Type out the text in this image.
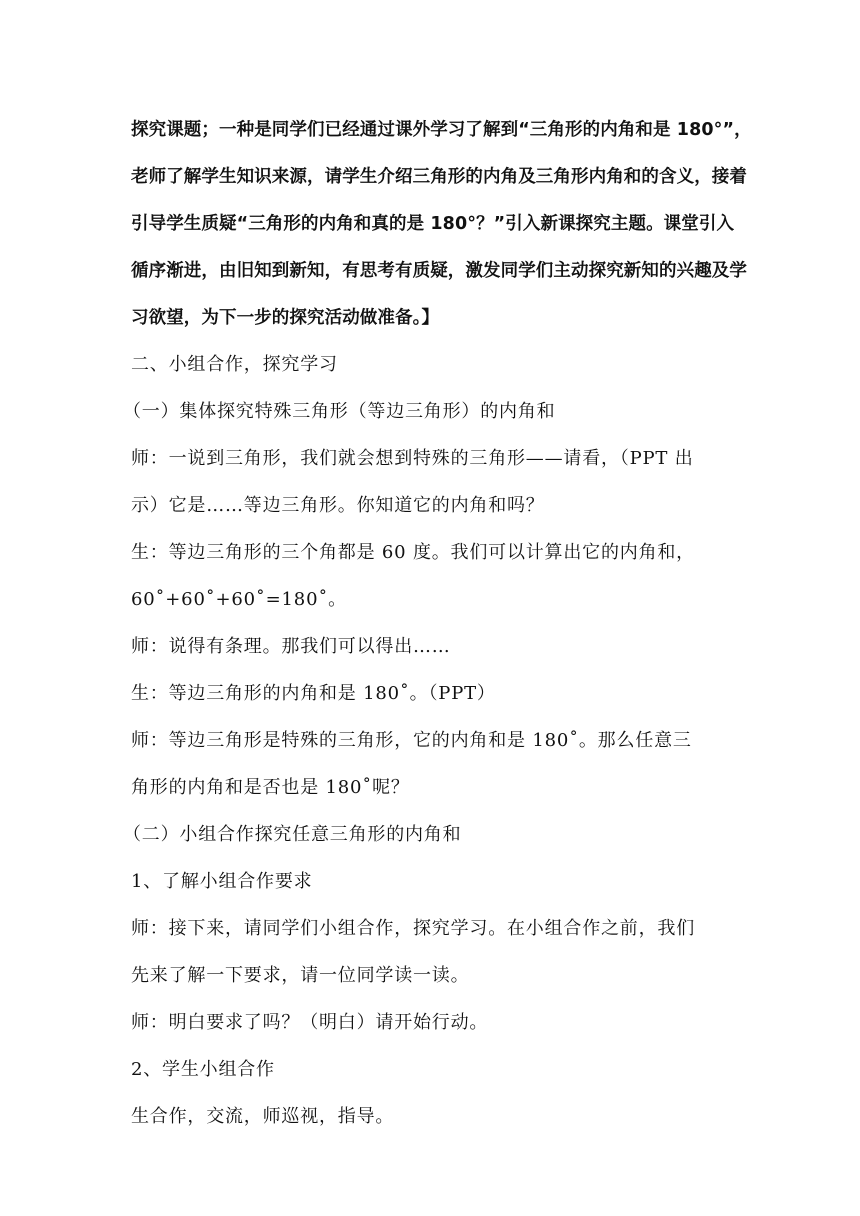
探究课题；一种是同学们已经通过课外学习了解到“三角形的内角和是 180°”，
老师了解学生知识来源，请学生介绍三角形的内角及三角形内角和的含义，接着
引导学生质疑“三角形的内角和真的是 180°？”引入新课探究主题。课堂引入
循序渐进，由旧知到新知，有思考有质疑，激发同学们主动探究新知的兴趣及学
习欲望，为下一步的探究活动做准备。】
二、小组合作，探究学习
（一）集体探究特殊三角形（等边三角形）的内角和
师：一说到三角形，我们就会想到特殊的三角形——请看，（PPT 出
示）它是……等边三角形。你知道它的内角和吗？
生：等边三角形的三个角都是 60 度。我们可以计算出它的内角和，
60˚+60˚+60˚=180˚。
师：说得有条理。那我们可以得出……
生：等边三角形的内角和是 180˚。（PPT）
师：等边三角形是特殊的三角形，它的内角和是 180˚。那么任意三
角形的内角和是否也是 180˚呢？
（二）小组合作探究任意三角形的内角和
1、了解小组合作要求
师：接下来，请同学们小组合作，探究学习。在小组合作之前，我们
先来了解一下要求，请一位同学读一读。
师：明白要求了吗？（明白）请开始行动。
2、学生小组合作
生合作，交流，师巡视，指导。
